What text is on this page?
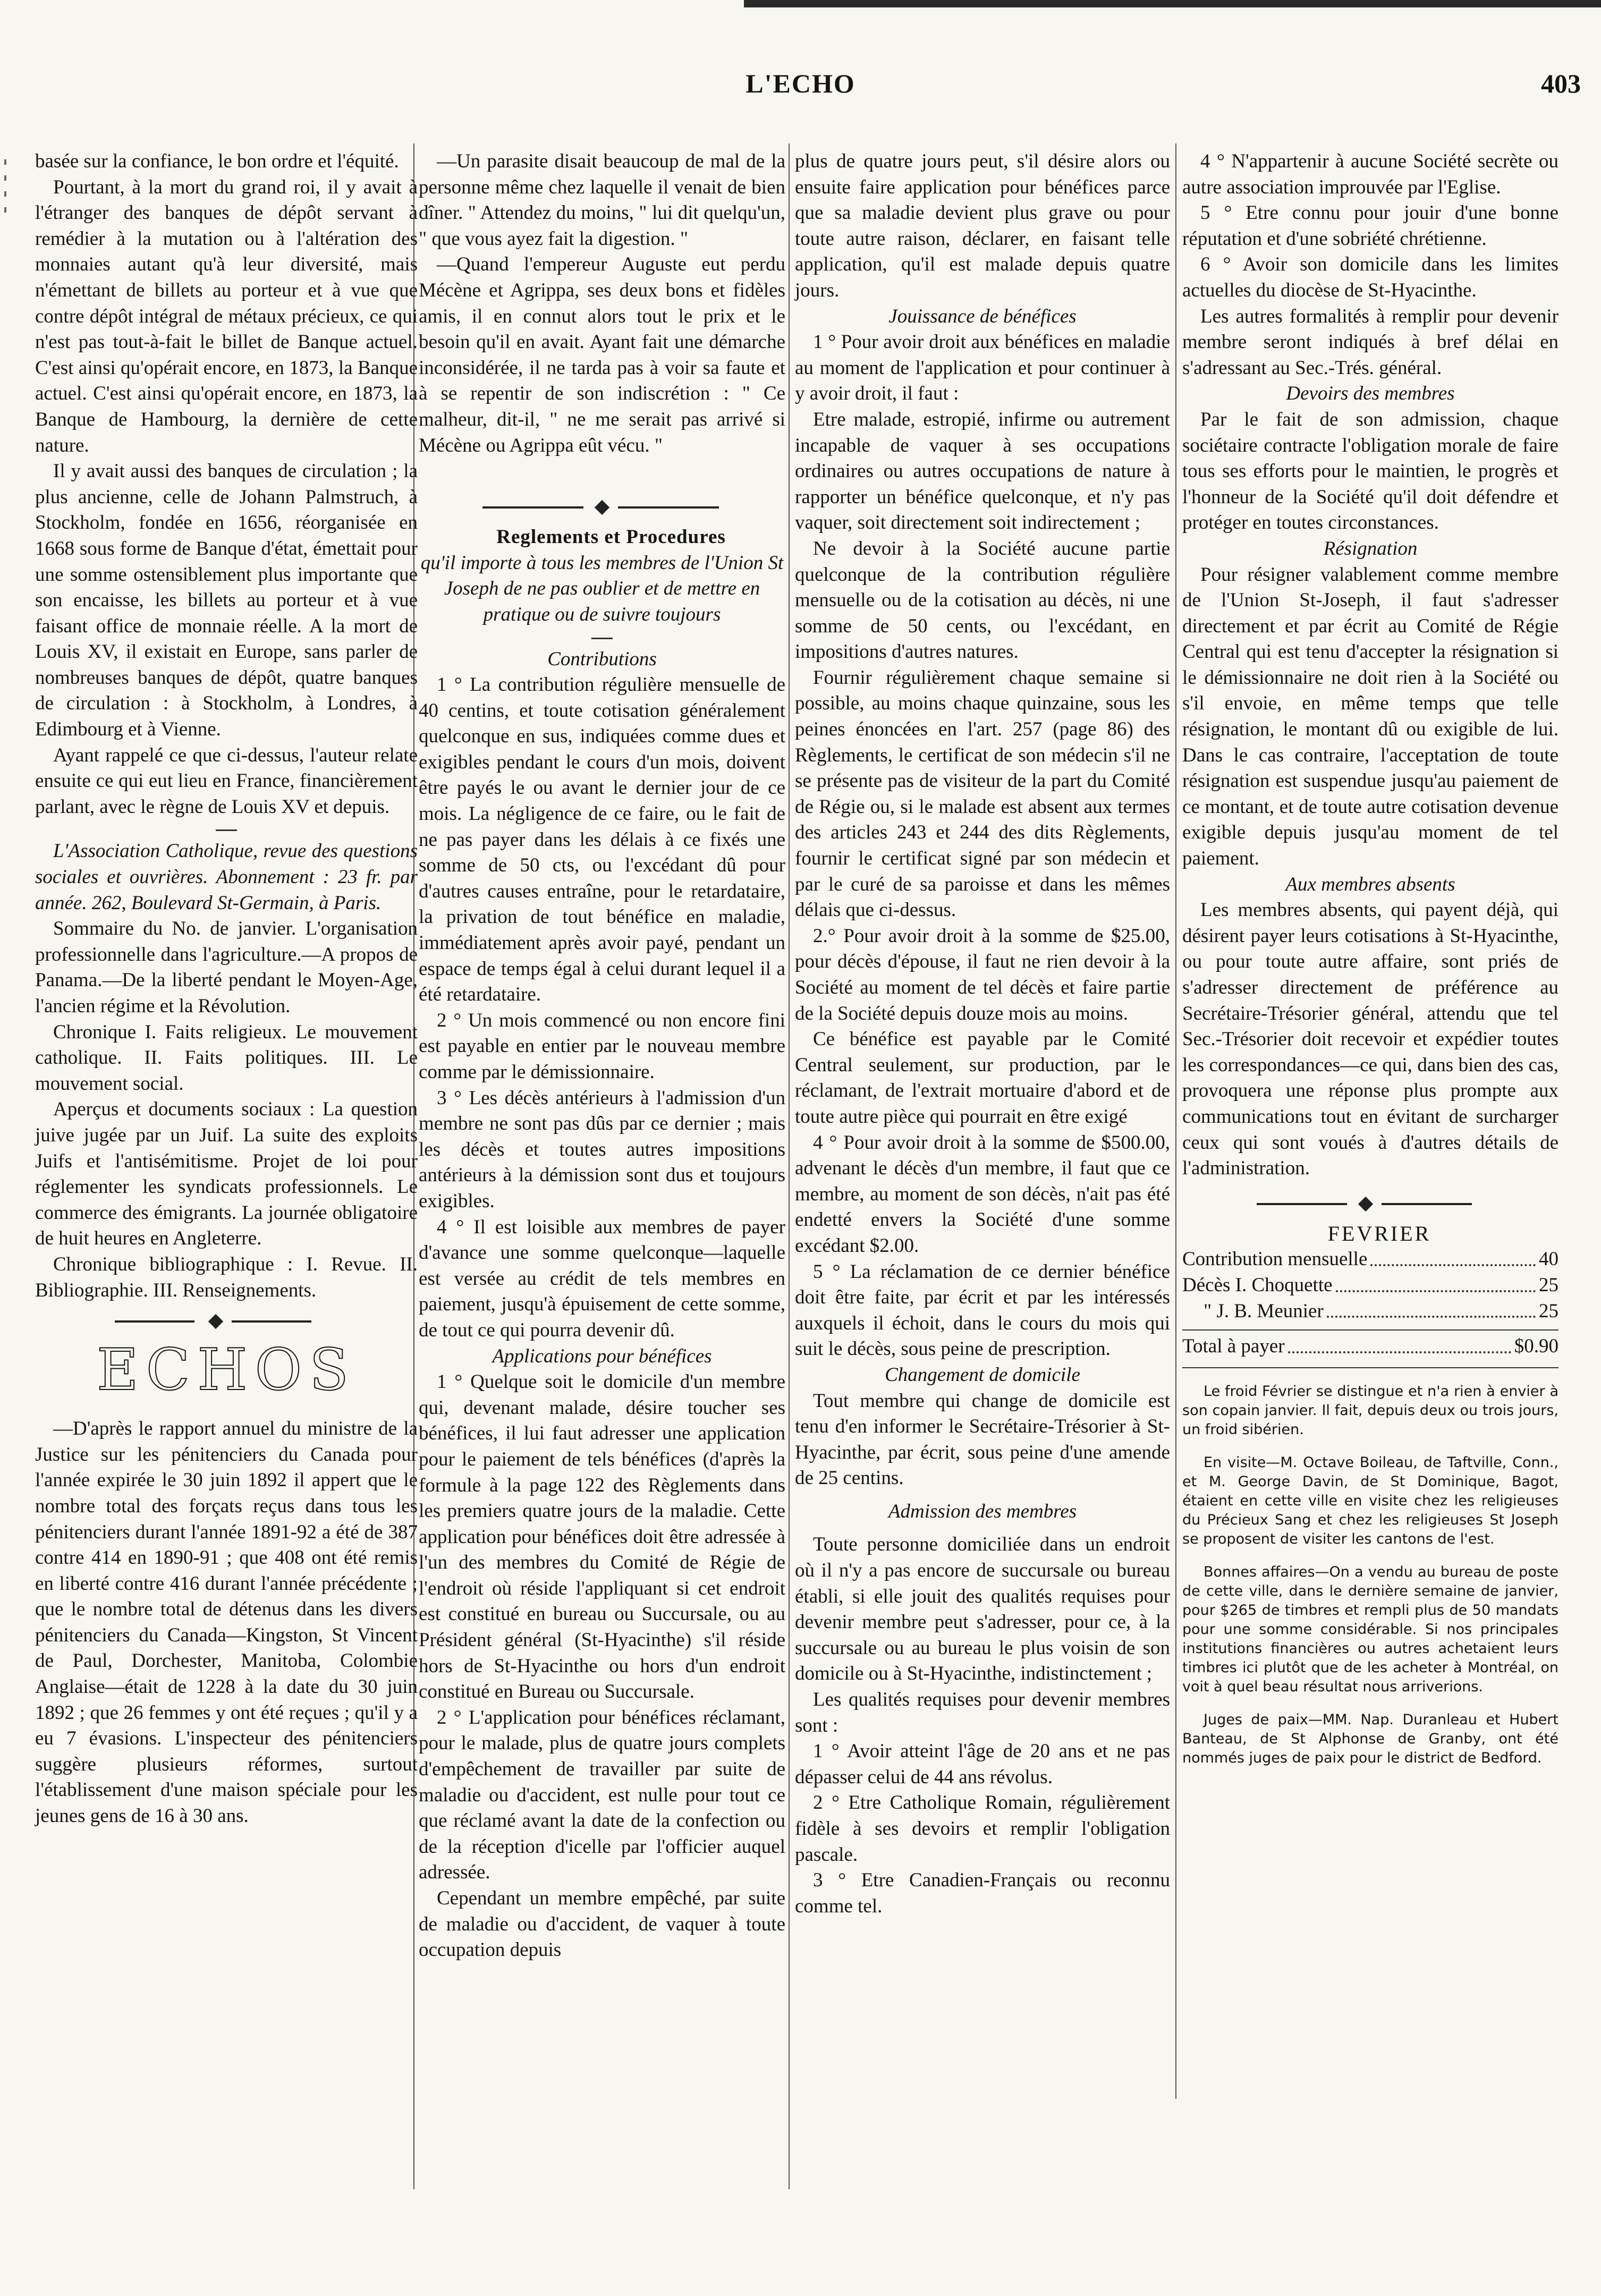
L'ECHO	403

basée sur la confiance, le bon ordre et l'équité.

Pourtant, à la mort du grand roi, il y avait à l'étranger des banques de dépôt servant à remédier à la mutation ou à l'altération des monnaies autant qu'à leur diversité, mais n'émettant de billets au porteur et à vue que contre dépôt intégral de métaux précieux, ce qui n'est pas tout-à-fait le billet de Banque actuel. C'est ainsi qu'opérait encore, en 1873, la Banque actuel. C'est ainsi qu'opérait encore, en 1873, la Banque de Hambourg, la dernière de cette nature.

Il y avait aussi des banques de circulation ; la plus ancienne, celle de Johann Palmstruch, à Stockholm, fondée en 1656, réorganisée en 1668 sous forme de Banque d'état, émettait pour une somme ostensiblement plus importante que son encaisse, les billets au porteur et à vue faisant office de monnaie réelle. A la mort de Louis XV, il existait en Europe, sans parler de nombreuses banques de dépôt, quatre banques de circulation : à Stockholm, à Londres, à Edimbourg et à Vienne.

Ayant rappelé ce que ci-dessus, l'auteur relate ensuite ce qui eut lieu en France, financièrement parlant, avec le règne de Louis XV et depuis.

L'Association Catholique, revue des questions sociales et ouvrières. Abonnement : 23 fr. par année. 262, Boulevard St-Germain, à Paris.

Sommaire du No. de janvier. L'organisation professionnelle dans l'agriculture.—A propos de Panama.—De la liberté pendant le Moyen-Age, l'ancien régime et la Révolution.

Chronique I. Faits religieux. Le mouvement catholique. II. Faits politiques. III. Le mouvement social.

Aperçus et documents sociaux : La question juive jugée par un Juif. La suite des exploits Juifs et l'antisémitisme. Projet de loi pour réglementer les syndicats professionnels. Le commerce des émigrants. La journée obligatoire de huit heures en Angleterre.

Chronique bibliographique : I. Revue. II. Bibliographie. III. Renseignements.

ECHOS

—D'après le rapport annuel du ministre de la Justice sur les pénitenciers du Canada pour l'année expirée le 30 juin 1892 il appert que le nombre total des forçats reçus dans tous les pénitenciers durant l'année 1891-92 a été de 387 contre 414 en 1890-91 ; que 408 ont été remis en liberté contre 416 durant l'année précédente ; que le nombre total de détenus dans les divers pénitenciers du Canada—Kingston, St Vincent de Paul, Dorchester, Manitoba, Colombie Anglaise—était de 1228 à la date du 30 juin 1892 ; que 26 femmes y ont été reçues ; qu'il y a eu 7 évasions. L'inspecteur des pénitenciers suggère plusieurs réformes, surtout l'établissement d'une maison spéciale pour les jeunes gens de 16 à 30 ans.

—Un parasite disait beaucoup de mal de la personne même chez laquelle il venait de bien dîner. " Attendez du moins, " lui dit quelqu'un, " que vous ayez fait la digestion. "

—Quand l'empereur Auguste eut perdu Mécène et Agrippa, ses deux bons et fidèles amis, il en connut alors tout le prix et le besoin qu'il en avait. Ayant fait une démarche inconsidérée, il ne tarda pas à voir sa faute et à se repentir de son indiscrétion : " Ce malheur, dit-il, " ne me serait pas arrivé si Mécène ou Agrippa eût vécu. "

Reglements et Procedures

qu'il importe à tous les membres de l'Union St Joseph de ne pas oublier et de mettre en pratique ou de suivre toujours

Contributions

1 ° La contribution régulière mensuelle de 40 centins, et toute cotisation généralement quelconque en sus, indiquées comme dues et exigibles pendant le cours d'un mois, doivent être payés le ou avant le dernier jour de ce mois. La négligence de ce faire, ou le fait de ne pas payer dans les délais à ce fixés une somme de 50 cts, ou l'excédant dû pour d'autres causes entraîne, pour le retardataire, la privation de tout bénéfice en maladie, immédiatement après avoir payé, pendant un espace de temps égal à celui durant lequel il a été retardataire.

2 ° Un mois commencé ou non encore fini est payable en entier par le nouveau membre comme par le démissionnaire.

3 ° Les décès antérieurs à l'admission d'un membre ne sont pas dûs par ce dernier ; mais les décès et toutes autres impositions antérieurs à la démission sont dus et toujours exigibles.

4 ° Il est loisible aux membres de payer d'avance une somme quelconque—laquelle est versée au crédit de tels membres en paiement, jusqu'à épuisement de cette somme, de tout ce qui pourra devenir dû.

Applications pour bénéfices

1 ° Quelque soit le domicile d'un membre qui, devenant malade, désire toucher ses bénéfices, il lui faut adresser une application pour le paiement de tels bénéfices (d'après la formule à la page 122 des Règlements dans les premiers quatre jours de la maladie. Cette application pour bénéfices doit être adressée à l'un des membres du Comité de Régie de l'endroit où réside l'appliquant si cet endroit est constitué en bureau ou Succursale, ou au Président général (St-Hyacinthe) s'il réside hors de St-Hyacinthe ou hors d'un endroit constitué en Bureau ou Succursale.

2 ° L'application pour bénéfices réclamant, pour le malade, plus de quatre jours complets d'empêchement de travailler par suite de maladie ou d'accident, est nulle pour tout ce que réclamé avant la date de la confection ou de la réception d'icelle par l'officier auquel adressée.

Cependant un membre empêché, par suite de maladie ou d'accident, de vaquer à toute occupation depuis

plus de quatre jours peut, s'il désire alors ou ensuite faire application pour bénéfices parce que sa maladie devient plus grave ou pour toute autre raison, déclarer, en faisant telle application, qu'il est malade depuis quatre jours.

Jouissance de bénéfices

1 ° Pour avoir droit aux bénéfices en maladie au moment de l'application et pour continuer à y avoir droit, il faut :

Etre malade, estropié, infirme ou autrement incapable de vaquer à ses occupations ordinaires ou autres occupations de nature à rapporter un bénéfice quelconque, et n'y pas vaquer, soit directement soit indirectement ;

Ne devoir à la Société aucune partie quelconque de la contribution régulière mensuelle ou de la cotisation au décès, ni une somme de 50 cents, ou l'excédant, en impositions d'autres natures.

Fournir régulièrement chaque semaine si possible, au moins chaque quinzaine, sous les peines énoncées en l'art. 257 (page 86) des Règlements, le certificat de son médecin s'il ne se présente pas de visiteur de la part du Comité de Régie ou, si le malade est absent aux termes des articles 243 et 244 des dits Règlements, fournir le certificat signé par son médecin et par le curé de sa paroisse et dans les mêmes délais que ci-dessus.

2.° Pour avoir droit à la somme de $25.00, pour décès d'épouse, il faut ne rien devoir à la Société au moment de tel décès et faire partie de la Société depuis douze mois au moins.

Ce bénéfice est payable par le Comité Central seulement, sur production, par le réclamant, de l'extrait mortuaire d'abord et de toute autre pièce qui pourrait en être exigé

4 ° Pour avoir droit à la somme de $500.00, advenant le décès d'un membre, il faut que ce membre, au moment de son décès, n'ait pas été endetté envers la Société d'une somme excédant $2.00.

5 ° La réclamation de ce dernier bénéfice doit être faite, par écrit et par les intéressés auxquels il échoit, dans le cours du mois qui suit le décès, sous peine de prescription.

Changement de domicile

Tout membre qui change de domicile est tenu d'en informer le Secrétaire-Trésorier à St-Hyacinthe, par écrit, sous peine d'une amende de 25 centins.

Admission des membres

Toute personne domiciliée dans un endroit où il n'y a pas encore de succursale ou bureau établi, si elle jouit des qualités requises pour devenir membre peut s'adresser, pour ce, à la succursale ou au bureau le plus voisin de son domicile ou à St-Hyacinthe, indistinctement ;

Les qualités requises pour devenir membres sont :

1 ° Avoir atteint l'âge de 20 ans et ne pas dépasser celui de 44 ans révolus.

2 ° Etre Catholique Romain, régulièrement fidèle à ses devoirs et remplir l'obligation pascale.

3 ° Etre Canadien-Français ou reconnu comme tel.

4 ° N'appartenir à aucune Société secrète ou autre association improuvée par l'Eglise.

5 ° Etre connu pour jouir d'une bonne réputation et d'une sobriété chrétienne.

6 ° Avoir son domicile dans les limites actuelles du diocèse de St-Hyacinthe.

Les autres formalités à remplir pour devenir membre seront indiqués à bref délai en s'adressant au Sec.-Trés. général.

Devoirs des membres

Par le fait de son admission, chaque sociétaire contracte l'obligation morale de faire tous ses efforts pour le maintien, le progrès et l'honneur de la Société qu'il doit défendre et protéger en toutes circonstances.

Résignation

Pour résigner valablement comme membre de l'Union St-Joseph, il faut s'adresser directement et par écrit au Comité de Régie Central qui est tenu d'accepter la résignation si le démissionnaire ne doit rien à la Société ou s'il envoie, en même temps que telle résignation, le montant dû ou exigible de lui. Dans le cas contraire, l'acceptation de toute résignation est suspendue jusqu'au paiement de ce montant, et de toute autre cotisation devenue exigible depuis jusqu'au moment de tel paiement.

Aux membres absents

Les membres absents, qui payent déjà, qui désirent payer leurs cotisations à St-Hyacinthe, ou pour toute autre affaire, sont priés de s'adresser directement de préférence au Secrétaire-Trésorier général, attendu que tel Sec.-Trésorier doit recevoir et expédier toutes les correspondances—ce qui, dans bien des cas, provoquera une réponse plus prompte aux communications tout en évitant de surcharger ceux qui sont voués à d'autres détails de l'administration.

FEVRIER

Contribution mensuelle	40
Décès I. Choquette	25
" J. B. Meunier	25
Total à payer	$0.90

Le froid Février se distingue et n'a rien à envier à son copain janvier. Il fait, depuis deux ou trois jours, un froid sibérien.

En visite—M. Octave Boileau, de Taftville, Conn., et M. George Davin, de St Dominique, Bagot, étaient en cette ville en visite chez les religieuses du Précieux Sang et chez les religieuses St Joseph se proposent de visiter les cantons de l'est.

Bonnes affaires—On a vendu au bureau de poste de cette ville, dans le dernière semaine de janvier, pour $265 de timbres et rempli plus de 50 mandats pour une somme considérable. Si nos principales institutions financières ou autres achetaient leurs timbres ici plutôt que de les acheter à Montréal, on voit à quel beau résultat nous arriverions.

Juges de paix—MM. Nap. Duranleau et Hubert Banteau, de St Alphonse de Granby, ont été nommés juges de paix pour le district de Bedford.
